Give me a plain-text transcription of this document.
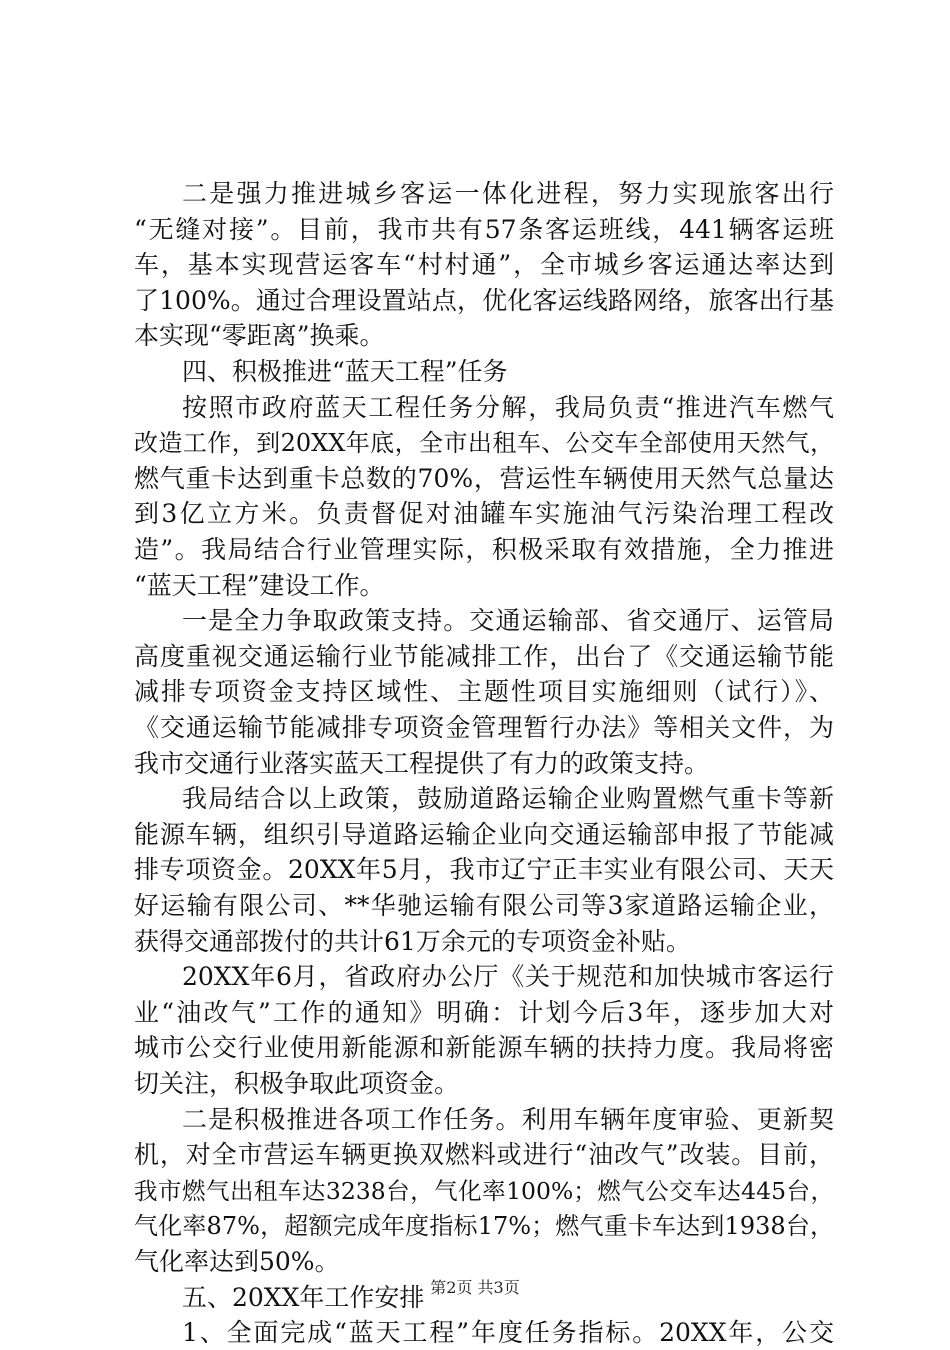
二是强力推进城乡客运一体化进程，努力实现旅客出行
“无缝对接”。目前，我市共有57条客运班线，441辆客运班
车，基本实现营运客车“村村通”，全市城乡客运通达率达到
了100%。通过合理设置站点，优化客运线路网络，旅客出行基
本实现“零距离”换乘。
四、积极推进“蓝天工程”任务
按照市政府蓝天工程任务分解，我局负责“推进汽车燃气
改造工作，到20XX年底，全市出租车、公交车全部使用天然气，
燃气重卡达到重卡总数的70%，营运性车辆使用天然气总量达
到3亿立方米。负责督促对油罐车实施油气污染治理工程改
造”。我局结合行业管理实际，积极采取有效措施，全力推进
“蓝天工程”建设工作。
一是全力争取政策支持。交通运输部、省交通厅、运管局
高度重视交通运输行业节能减排工作，出台了《交通运输节能
减排专项资金支持区域性、主题性项目实施细则（试行）》、
《交通运输节能减排专项资金管理暂行办法》等相关文件，为
我市交通行业落实蓝天工程提供了有力的政策支持。
我局结合以上政策，鼓励道路运输企业购置燃气重卡等新
能源车辆，组织引导道路运输企业向交通运输部申报了节能减
排专项资金。20XX年5月，我市辽宁正丰实业有限公司、天天
好运输有限公司、**华驰运输有限公司等3家道路运输企业，
获得交通部拨付的共计61万余元的专项资金补贴。
20XX年6月，省政府办公厅《关于规范和加快城市客运行
业“油改气”工作的通知》明确：计划今后3年，逐步加大对
城市公交行业使用新能源和新能源车辆的扶持力度。我局将密
切关注，积极争取此项资金。
二是积极推进各项工作任务。利用车辆年度审验、更新契
机，对全市营运车辆更换双燃料或进行“油改气”改装。目前，
我市燃气出租车达3238台，气化率100%；燃气公交车达445台，
气化率87%，超额完成年度指标17%；燃气重卡车达到1938台，
气化率达到50%。
五、20XX年工作安排
1、全面完成“蓝天工程”年度任务指标。20XX年，公交
第2页 共3页
